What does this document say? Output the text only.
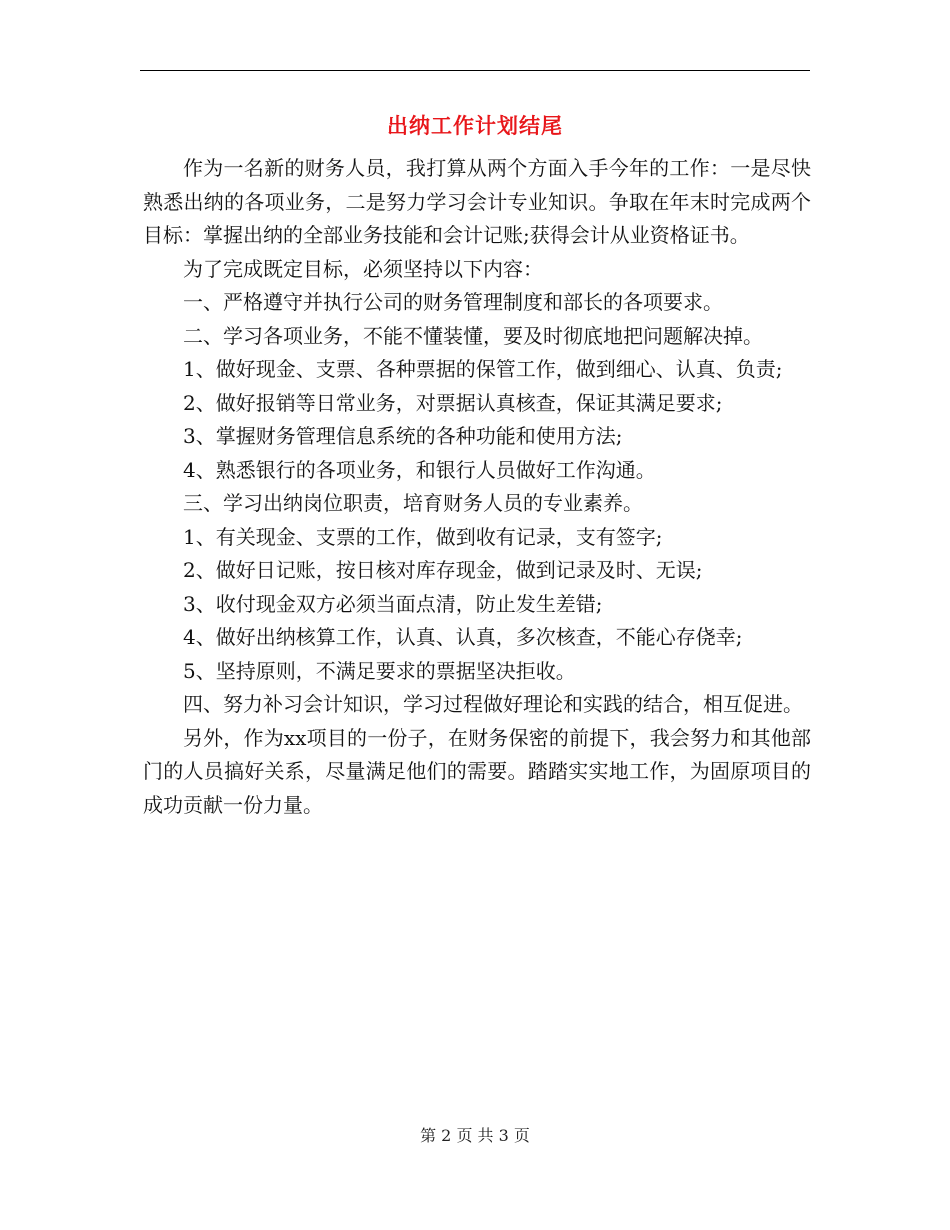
出纳工作计划结尾

作为一名新的财务人员，我打算从两个方面入手今年的工作：一是尽快熟悉出纳的各项业务，二是努力学习会计专业知识。争取在年末时完成两个目标：掌握出纳的全部业务技能和会计记账;获得会计从业资格证书。

为了完成既定目标，必须坚持以下内容：

一、严格遵守并执行公司的财务管理制度和部长的各项要求。

二、学习各项业务，不能不懂装懂，要及时彻底地把问题解决掉。

1、做好现金、支票、各种票据的保管工作，做到细心、认真、负责;

2、做好报销等日常业务，对票据认真核查，保证其满足要求;

3、掌握财务管理信息系统的各种功能和使用方法;

4、熟悉银行的各项业务，和银行人员做好工作沟通。

三、学习出纳岗位职责，培育财务人员的专业素养。

1、有关现金、支票的工作，做到收有记录，支有签字;

2、做好日记账，按日核对库存现金，做到记录及时、无误;

3、收付现金双方必须当面点清，防止发生差错;

4、做好出纳核算工作，认真、认真，多次核查，不能心存侥幸;

5、坚持原则，不满足要求的票据坚决拒收。

四、努力补习会计知识，学习过程做好理论和实践的结合，相互促进。

另外，作为xx项目的一份子，在财务保密的前提下，我会努力和其他部门的人员搞好关系，尽量满足他们的需要。踏踏实实地工作，为固原项目的成功贡献一份力量。

第 2 页 共 3 页
